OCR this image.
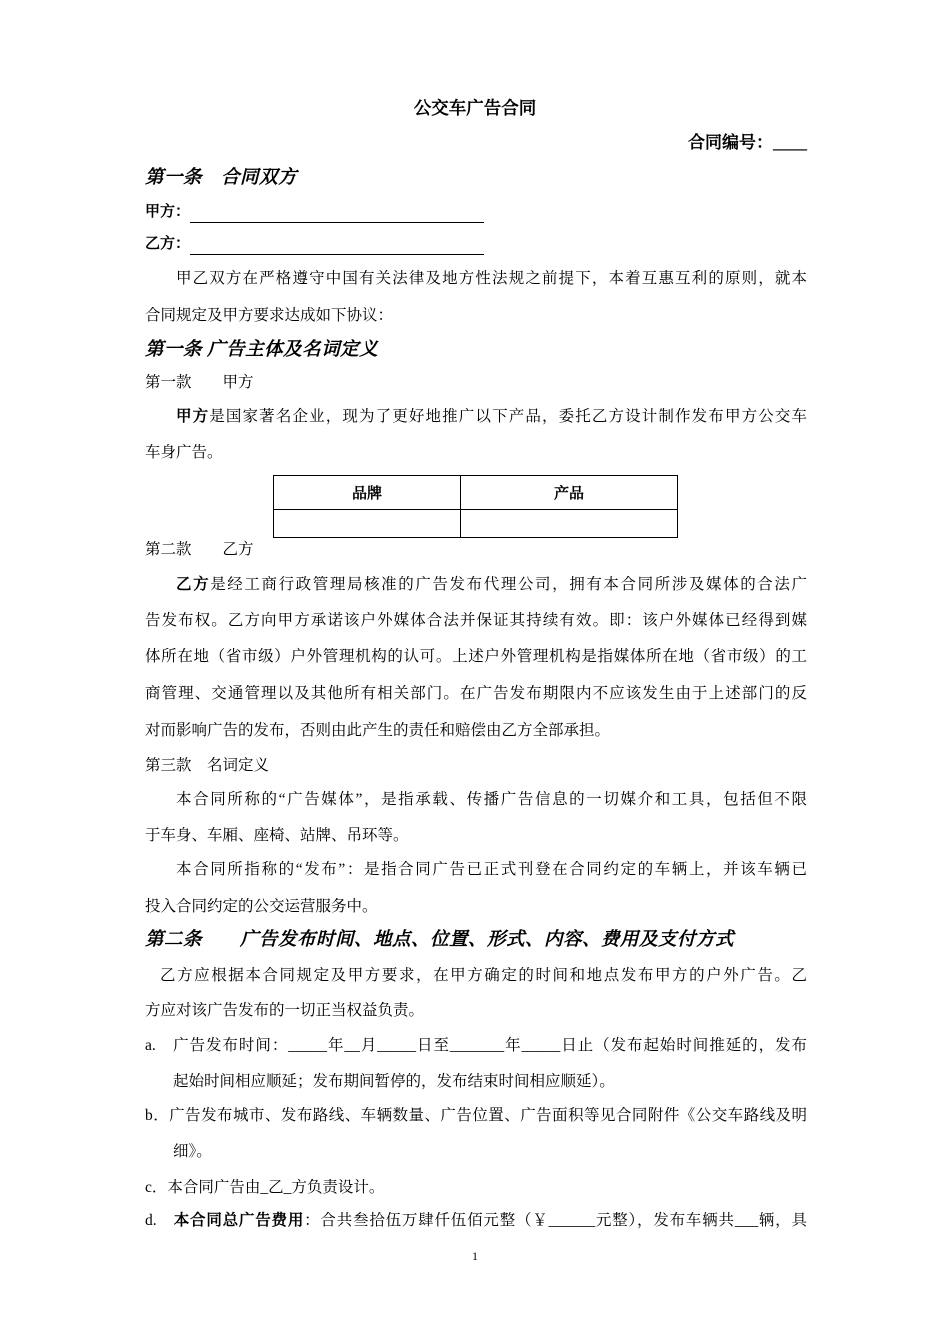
公交车广告合同
合同编号：____
第一条　合同双方
甲方：
乙方：
甲乙双方在严格遵守中国有关法律及地方性法规之前提下，本着互惠互利的原则，就本
合同规定及甲方要求达成如下协议：
第一条 广告主体及名词定义
第一款　　甲方
甲方是国家著名企业，现为了更好地推广以下产品，委托乙方设计制作发布甲方公交车
车身广告。
品牌	产品

第二款　　乙方
乙方是经工商行政管理局核准的广告发布代理公司，拥有本合同所涉及媒体的合法广
告发布权。乙方向甲方承诺该户外媒体合法并保证其持续有效。即：该户外媒体已经得到媒
体所在地（省市级）户外管理机构的认可。上述户外管理机构是指媒体所在地（省市级）的工
商管理、交通管理以及其他所有相关部门。在广告发布期限内不应该发生由于上述部门的反
对而影响广告的发布，否则由此产生的责任和赔偿由乙方全部承担。
第三款　名词定义
本合同所称的“广告媒体”，是指承载、传播广告信息的一切媒介和工具，包括但不限
于车身、车厢、座椅、站牌、吊环等。
本合同所指称的“发布”：是指合同广告已正式刊登在合同约定的车辆上，并该车辆已
投入合同约定的公交运营服务中。
第二条　　广告发布时间、地点、位置、形式、内容、费用及支付方式
乙方应根据本合同规定及甲方要求，在甲方确定的时间和地点发布甲方的户外广告。乙
方应对该广告发布的一切正当权益负责。
a.　广告发布时间：_____年__月_____日至_______年_____日止（发布起始时间推延的，发布
起始时间相应顺延；发布期间暂停的，发布结束时间相应顺延）。
b．广告发布城市、发布路线、车辆数量、广告位置、广告面积等见合同附件《公交车路线及明
细》。
c．本合同广告由_乙_方负责设计。
d.　本合同总广告费用：合共叁拾伍万肆仟伍佰元整（￥______元整），发布车辆共___辆，具
1
